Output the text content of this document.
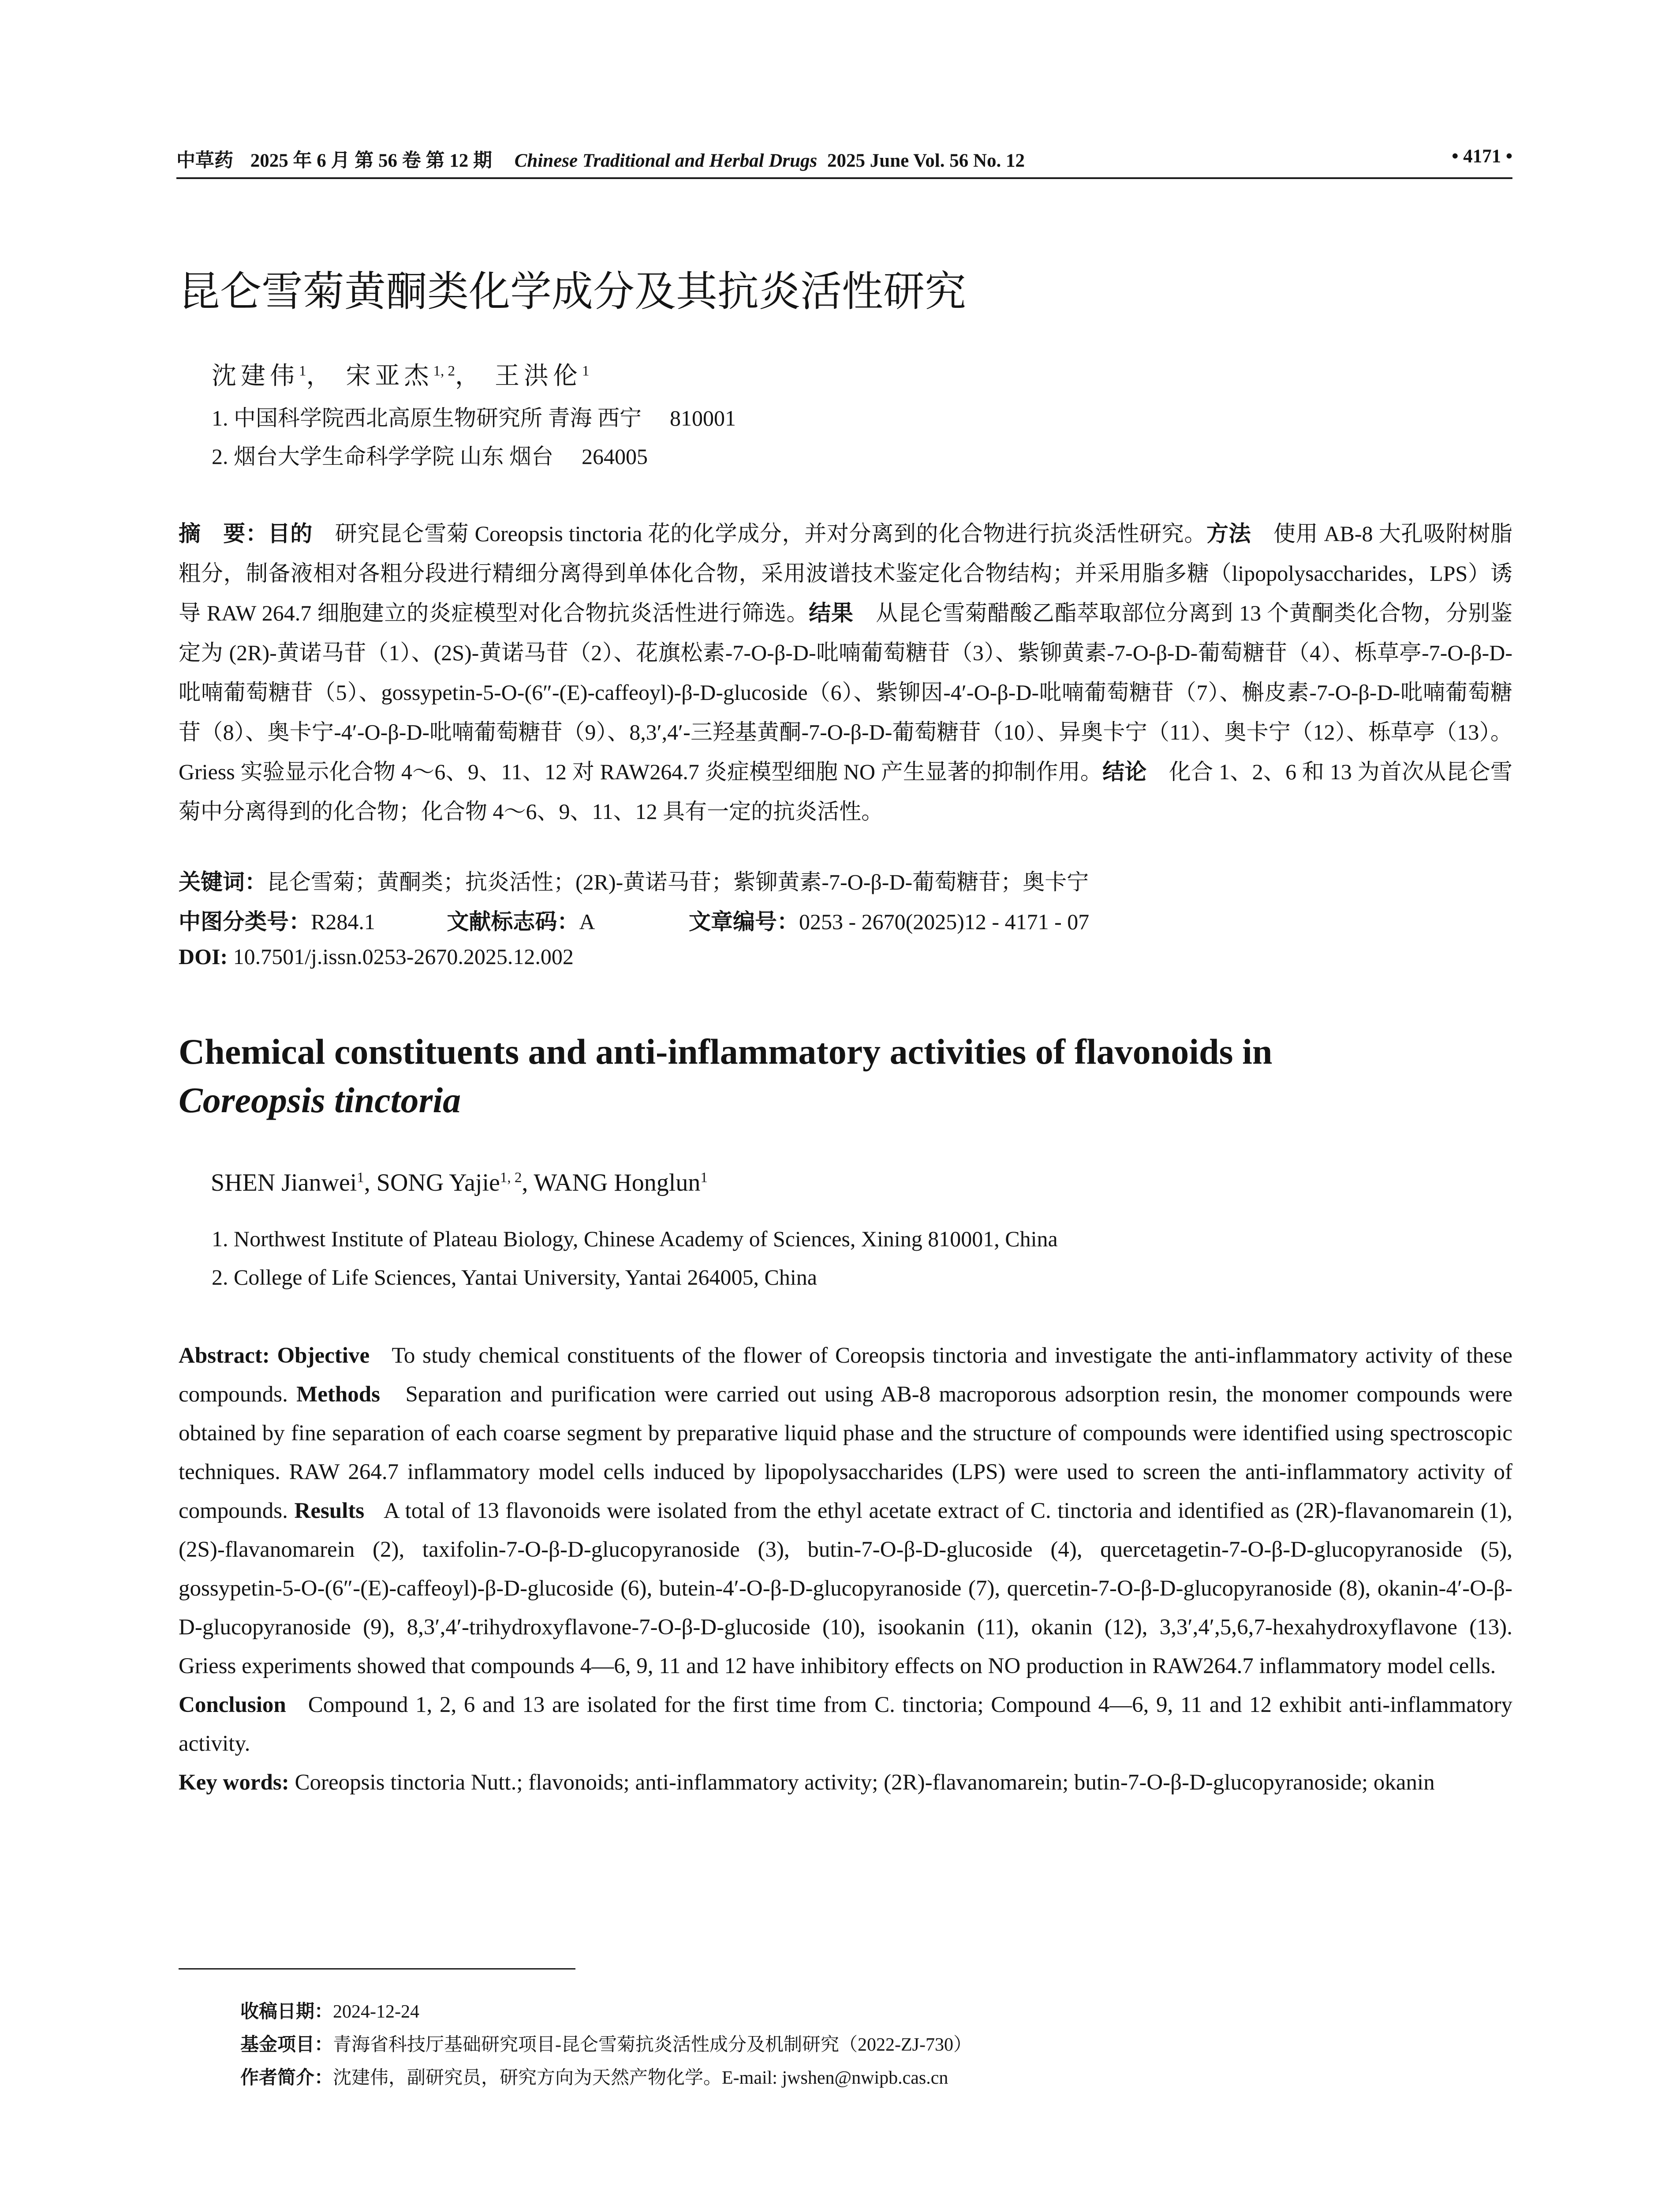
中草药 2025 年 6 月 第 56 卷 第 12 期 Chinese Traditional and Herbal Drugs 2025 June Vol. 56 No. 12	• 4171 •
昆仑雪菊黄酮类化学成分及其抗炎活性研究
沈建伟$^1$， 宋亚杰$^{1, 2}$， 王洪伦$^1$
1. 中国科学院西北高原生物研究所 青海 西宁 810001
2. 烟台大学生命科学学院 山东 烟台 264005

摘　要：目的　 研究昆仑雪菊 Coreopsis tinctoria 花的化学成分，并对分离到的化合物进行抗炎活性研究。方法　 使用 AB-8 大孔吸附树脂粗分，制备液相对各粗分段进行精细分离得到单体化合物，采用波谱技术鉴定化合物结构；并采用脂多糖（lipopolysaccharides，LPS）诱导 RAW 264.7 细胞建立的炎症模型对化合物抗炎活性进行筛选。结果　 从昆仑雪菊醋酸乙酯萃取部位分离到 13 个黄酮类化合物，分别鉴定为 (2R)-黄诺马苷（1）、(2S)-黄诺马苷（2）、花旗松素-7-O-β-D-吡喃葡萄糖苷（3）、紫铆黄素-7-O-β-D-葡萄糖苷（4）、栎草亭-7-O-β-D-吡喃葡萄糖苷（5）、gossypetin-5-O-(6″-(E)-caffeoyl)-β-D-glucoside（6）、紫铆因-4′-O-β-D-吡喃葡萄糖苷（7）、槲皮素-7-O-β-D-吡喃葡萄糖苷（8）、奥卡宁-4′-O-β-D-吡喃葡萄糖苷（9）、8,3′,4′-三羟基黄酮-7-O-β-D-葡萄糖苷（10）、异奥卡宁（11）、奥卡宁（12）、栎草亭（13）。Griess 实验显示化合物 4～6、9、11、12 对 RAW264.7 炎症模型细胞 NO 产生显著的抑制作用。结论　 化合 1、2、6 和 13 为首次从昆仑雪菊中分离得到的化合物；化合物 4～6、9、11、12 具有一定的抗炎活性。

关键词：昆仑雪菊；黄酮类；抗炎活性；(2R)-黄诺马苷；紫铆黄素-7-O-β-D-葡萄糖苷；奥卡宁
中图分类号：R284.1	文献标志码：A	文章编号：0253 - 2670(2025)12 - 4171 - 07
DOI: 10.7501/j.issn.0253-2670.2025.12.002
Chemical constituents and anti-inflammatory activities of flavonoids in
Coreopsis tinctoria
SHEN Jianwei$^1$, SONG Yajie$^{1, 2}$, WANG Honglun$^1$
1. Northwest Institute of Plateau Biology, Chinese Academy of Sciences, Xining 810001, China
2. College of Life Sciences, Yantai University, Yantai 264005, China

Abstract: Objective To study chemical constituents of the flower of Coreopsis tinctoria and investigate the anti-inflammatory activity of these compounds. Methods Separation and purification were carried out using AB-8 macroporous adsorption resin, the monomer compounds were obtained by fine separation of each coarse segment by preparative liquid phase and the structure of compounds were identified using spectroscopic techniques. RAW 264.7 inflammatory model cells induced by lipopolysaccharides (LPS) were used to screen the anti-inflammatory activity of compounds. Results A total of 13 flavonoids were isolated from the ethyl acetate extract of C. tinctoria and identified as (2R)-flavanomarein (1), (2S)-flavanomarein (2), taxifolin-7-O-β-D-glucopyranoside (3), butin-7-O-β-D-glucoside (4), quercetagetin-7-O-β-D-glucopyranoside (5), gossypetin-5-O-(6″-(E)-caffeoyl)-β-D-glucoside (6), butein-4′-O-β-D-glucopyranoside (7), quercetin-7-O-β-D-glucopyranoside (8), okanin-4′-O-β-D-glucopyranoside (9), 8,3′,4′-trihydroxyflavone-7-O-β-D-glucoside (10), isookanin (11), okanin (12), 3,3′,4′,5,6,7-hexahydroxyflavone (13). Griess experiments showed that compounds 4—6, 9, 11 and 12 have inhibitory effects on NO production in RAW264.7 inflammatory model cells.

Conclusion Compound 1, 2, 6 and 13 are isolated for the first time from C. tinctoria; Compound 4—6, 9, 11 and 12 exhibit anti-inflammatory activity.

Key words: Coreopsis tinctoria Nutt.; flavonoids; anti-inflammatory activity; (2R)-flavanomarein; butin-7-O-β-D-glucopyranoside; okanin

收稿日期：2024-12-24
基金项目：青海省科技厅基础研究项目-昆仑雪菊抗炎活性成分及机制研究（2022-ZJ-730）
作者简介：沈建伟，副研究员，研究方向为天然产物化学。E-mail: jwshen@nwipb.cas.cn
